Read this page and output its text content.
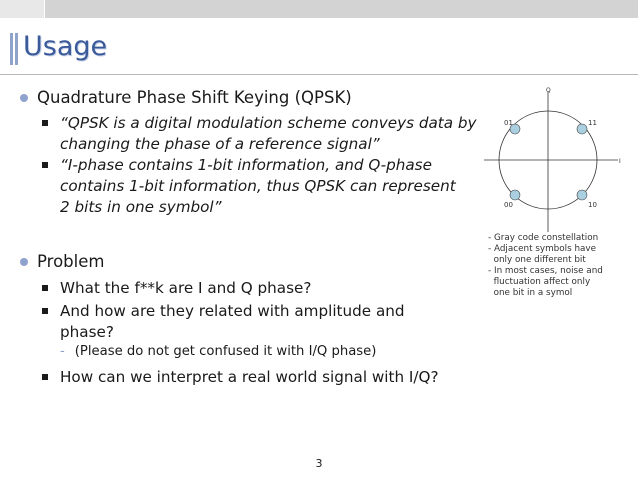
Usage
Quadrature Phase Shift Keying (QPSK)
“QPSK is a digital modulation scheme conveys data by changing the phase of a reference signal”
“I-phase contains 1-bit information, and Q-phase contains 1-bit information, thus QPSK can represent 2 bits in one symbol”
Problem
What the f**k are I and Q phase?
And how are they related with amplitude and phase?
- (Please do not get confused it with I/Q phase)
How can we interpret a real world signal with I/Q?
Q
I
01	11
00	10
- Gray code constellation
- Adjacent symbols have
only one different bit
- In most cases, noise and
fluctuation affect only
one bit in a symol
3
